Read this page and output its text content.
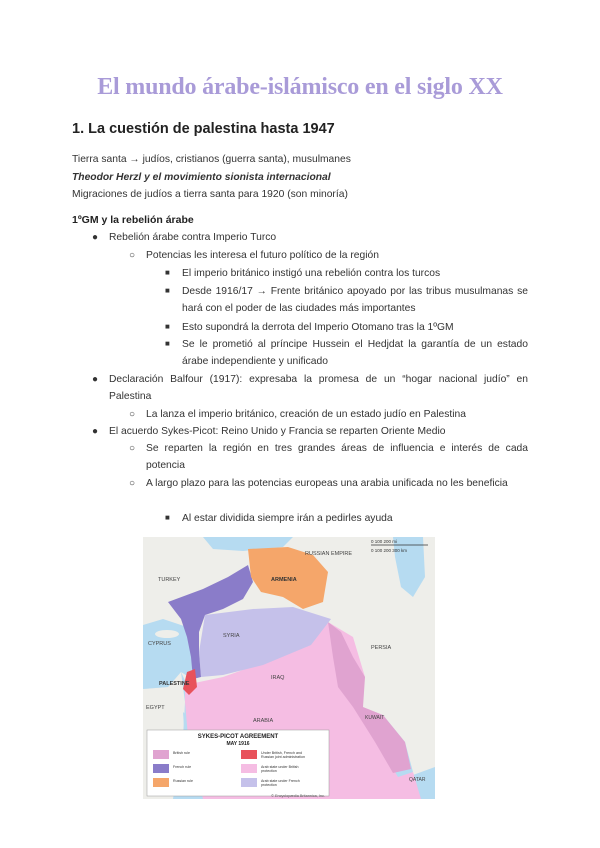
El mundo árabe-islámisco en el siglo XX
1. La cuestión de palestina hasta 1947
Tierra santa → judíos, cristianos (guerra santa), musulmanes
Theodor Herzl y el movimiento sionista internacional
Migraciones de judíos a tierra santa para 1920 (son minoría)
1ºGM y la rebelión árabe
● Rebelión árabe contra Imperio Turco
○ Potencias les interesa el futuro político de la región
■ El imperio británico instigó una rebelión contra los turcos
■ Desde 1916/17 → Frente británico apoyado por las tribus musulmanas se hará con el poder de las ciudades más importantes
■ Esto supondrá la derrota del Imperio Otomano tras la 1ºGM
■ Se le prometió al príncipe Hussein el Hedjdat la garantía de un estado árabe independiente y unificado
● Declaración Balfour (1917): expresaba la promesa de un “hogar nacional judío” en Palestina
○ La lanza el imperio británico, creación de un estado judío en Palestina
● El acuerdo Sykes-Picot: Reino Unido y Francia se reparten Oriente Medio
○ Se reparten la región en tres grandes áreas de influencia e interés de cada potencia
○ A largo plazo para las potencias europeas una arabia unificada no les beneficia
■ Al estar dividida siempre irán a pedirles ayuda
0 100 200 mi
0 100 200 300 km
RUSSIAN EMPIRE
TURKEY	ARMENIA
CYPRUS
SYRIA
PERSIA
IRAQ
PALESTINE
EGYPT
ARABIA	KUWAIT
QATAR
SYKES-PICOT AGREEMENT
MAY 1916
British rule	Under British, French and Russian joint administration
French rule	Arab state under British protection
Russian rule	Arab state under French protection
© Encyclopædia Britannica, Inc.
